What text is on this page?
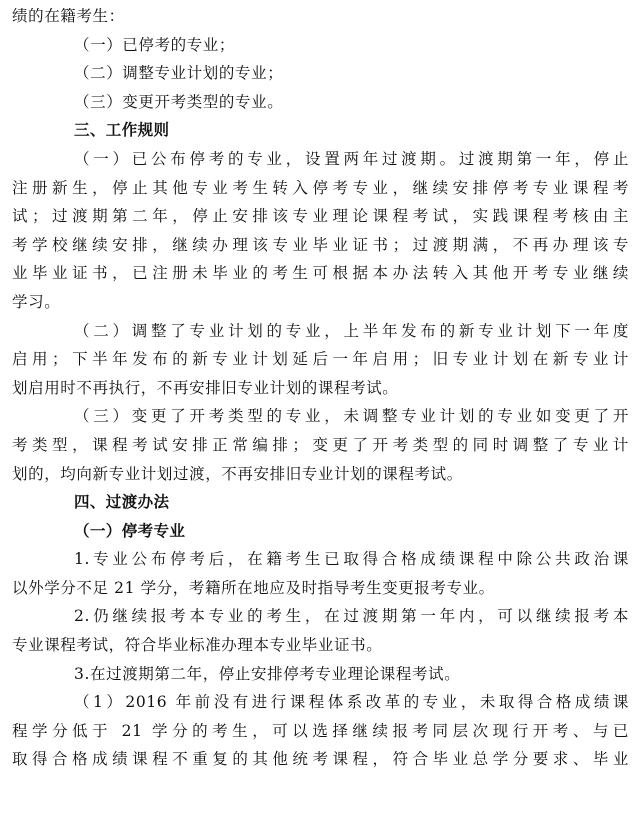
绩的在籍考生：
（一）已停考的专业；
（二）调整专业计划的专业；
（三）变更开考类型的专业。
三、工作规则
（一）已公布停考的专业，设置两年过渡期。过渡期第一年，停止
注册新生，停止其他专业考生转入停考专业，继续安排停考专业课程考
试；过渡期第二年，停止安排该专业理论课程考试，实践课程考核由主
考学校继续安排，继续办理该专业毕业证书；过渡期满，不再办理该专
业毕业证书，已注册未毕业的考生可根据本办法转入其他开考专业继续
学习。
（二）调整了专业计划的专业，上半年发布的新专业计划下一年度
启用；下半年发布的新专业计划延后一年启用；旧专业计划在新专业计
划启用时不再执行，不再安排旧专业计划的课程考试。
（三）变更了开考类型的专业，未调整专业计划的专业如变更了开
考类型，课程考试安排正常编排；变更了开考类型的同时调整了专业计
划的，均向新专业计划过渡，不再安排旧专业计划的课程考试。
四、过渡办法
（一）停考专业
1.专业公布停考后，在籍考生已取得合格成绩课程中除公共政治课
以外学分不足 21 学分，考籍所在地应及时指导考生变更报考专业。
2.仍继续报考本专业的考生，在过渡期第一年内，可以继续报考本
专业课程考试，符合毕业标准办理本专业毕业证书。
3.在过渡期第二年，停止安排停考专业理论课程考试。
（1）2016 年前没有进行课程体系改革的专业，未取得合格成绩课
程学分低于 21 学分的考生，可以选择继续报考同层次现行开考、与已
取得合格成绩课程不重复的其他统考课程，符合毕业总学分要求、毕业
